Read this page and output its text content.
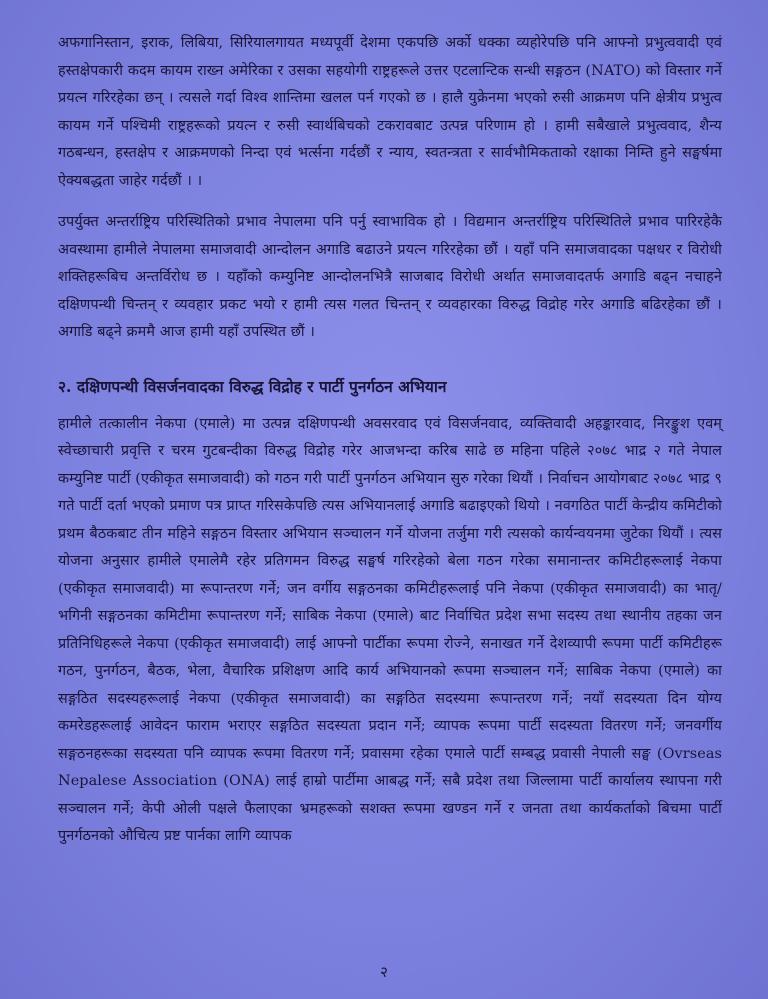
अफगानिस्तान, इराक, लिबिया, सिरियालगायत मध्यपूर्वी देशमा एकपछि अर्को धक्का व्यहोरेपछि पनि आफ्नो प्रभुत्ववादी एवं हस्तक्षेपकारी कदम कायम राख्न अमेरिका र उसका सहयोगी राष्ट्रहरूले उत्तर एटलान्टिक सन्धी सङ्गठन (NATO) को विस्तार गर्ने प्रयत्न गरिरहेका छन् । त्यसले गर्दा विश्व शान्तिमा खलल पर्न गएको छ । हालै युक्रेनमा भएको रुसी आक्रमण पनि क्षेत्रीय प्रभुत्व कायम गर्ने पश्चिमी राष्ट्रहरूको प्रयत्न र रुसी स्वार्थबिचको टकरावबाट उत्पन्न परिणाम हो । हामी सबैखाले प्रभुत्ववाद, शैन्य गठबन्धन, हस्तक्षेप र आक्रमणको निन्दा एवं भर्त्सना गर्दछौं र न्याय, स्वतन्त्रता र सार्वभौमिकताको रक्षाका निम्ति हुने सङ्घर्षमा ऐक्यबद्धता जाहेर गर्दछौं । ।

उपर्युक्त अन्तर्राष्ट्रिय परिस्थितिको प्रभाव नेपालमा पनि पर्नु स्वाभाविक हो । विद्यमान अन्तर्राष्ट्रिय परिस्थितिले प्रभाव पारिरहेकै अवस्थामा हामीले नेपालमा समाजवादी आन्दोलन अगाडि बढाउने प्रयत्न गरिरहेका छौं । यहाँ पनि समाजवादका पक्षधर र विरोधी शक्तिहरूबिच अन्तर्विरोध छ । यहाँको कम्युनिष्ट आन्दोलनभित्रै साजबाद विरोधी अर्थात समाजवादतर्फ अगाडि बढ्न नचाहने दक्षिणपन्थी चिन्तन् र व्यवहार प्रकट भयो र हामी त्यस गलत चिन्तन् र व्यवहारका विरुद्ध विद्रोह गरेर अगाडि बढिरहेका छौं । अगाडि बढ्ने क्रममै आज हामी यहाँ उपस्थित छौं ।

२. दक्षिणपन्थी विसर्जनवादका विरुद्ध विद्रोह र पार्टी पुनर्गठन अभियान

हामीले तत्कालीन नेकपा (एमाले) मा उत्पन्न दक्षिणपन्थी अवसरवाद एवं विसर्जनवाद, व्यक्तिवादी अहङ्कारवाद, निरङ्कुश एवम् स्वेच्छाचारी प्रवृत्ति र चरम गुटबन्दीका विरुद्ध विद्रोह गरेर आजभन्दा करिब साढे छ महिना पहिले २०७८ भाद्र २ गते नेपाल कम्युनिष्ट पार्टी (एकीकृत समाजवादी) को गठन गरी पार्टी पुनर्गठन अभियान सुरु गरेका थियौं । निर्वाचन आयोगबाट २०७८ भाद्र ९ गते पार्टी दर्ता भएको प्रमाण पत्र प्राप्त गरिसकेपछि त्यस अभियानलाई अगाडि बढाइएको थियो । नवगठित पार्टी केन्द्रीय कमिटीको प्रथम बैठकबाट तीन महिने सङ्गठन विस्तार अभियान सञ्चालन गर्ने योजना तर्जुमा गरी त्यसको कार्यन्वयनमा जुटेका थियौं । त्यस योजना अनुसार हामीले एमालेमै रहेर प्रतिगमन विरुद्ध सङ्घर्ष गरिरहेको बेला गठन गरेका समानान्तर कमिटीहरूलाई नेकपा (एकीकृत समाजवादी) मा रूपान्तरण गर्ने; जन वर्गीय सङ्गठनका कमिटीहरूलाई पनि नेकपा (एकीकृत समाजवादी) का भातृ/भगिनी सङ्गठनका कमिटीमा रूपान्तरण गर्ने; साबिक नेकपा (एमाले) बाट निर्वाचित प्रदेश सभा सदस्य तथा स्थानीय तहका जन प्रतिनिधिहरूले नेकपा (एकीकृत समाजवादी) लाई आफ्नो पार्टीका रूपमा रोज्ने, सनाखत गर्ने देशव्यापी रूपमा पार्टी कमिटीहरू गठन, पुनर्गठन, बैठक, भेला, वैचारिक प्रशिक्षण आदि कार्य अभियानको रूपमा सञ्चालन गर्ने; साबिक नेकपा (एमाले) का सङ्गठित सदस्यहरूलाई नेकपा (एकीकृत समाजवादी) का सङ्गठित सदस्यमा रूपान्तरण गर्ने; नयाँ सदस्यता दिन योग्य कमरेडहरूलाई आवेदन फाराम भराएर सङ्गठित सदस्यता प्रदान गर्ने; व्यापक रूपमा पार्टी सदस्यता वितरण गर्ने; जनवर्गीय सङ्गठनहरूका सदस्यता पनि व्यापक रूपमा वितरण गर्ने; प्रवासमा रहेका एमाले पार्टी सम्बद्ध प्रवासी नेपाली सङ्घ (Ovrseas Nepalese Association (ONA) लाई हाम्रो पार्टीमा आबद्ध गर्ने; सबै प्रदेश तथा जिल्लामा पार्टी कार्यालय स्थापना गरी सञ्चालन गर्ने; केपी ओली पक्षले फैलाएका भ्रमहरूको सशक्त रूपमा खण्डन गर्ने र जनता तथा कार्यकर्ताको बिचमा पार्टी पुनर्गठनको औचित्य प्रष्ट पार्नका लागि व्यापक

२
